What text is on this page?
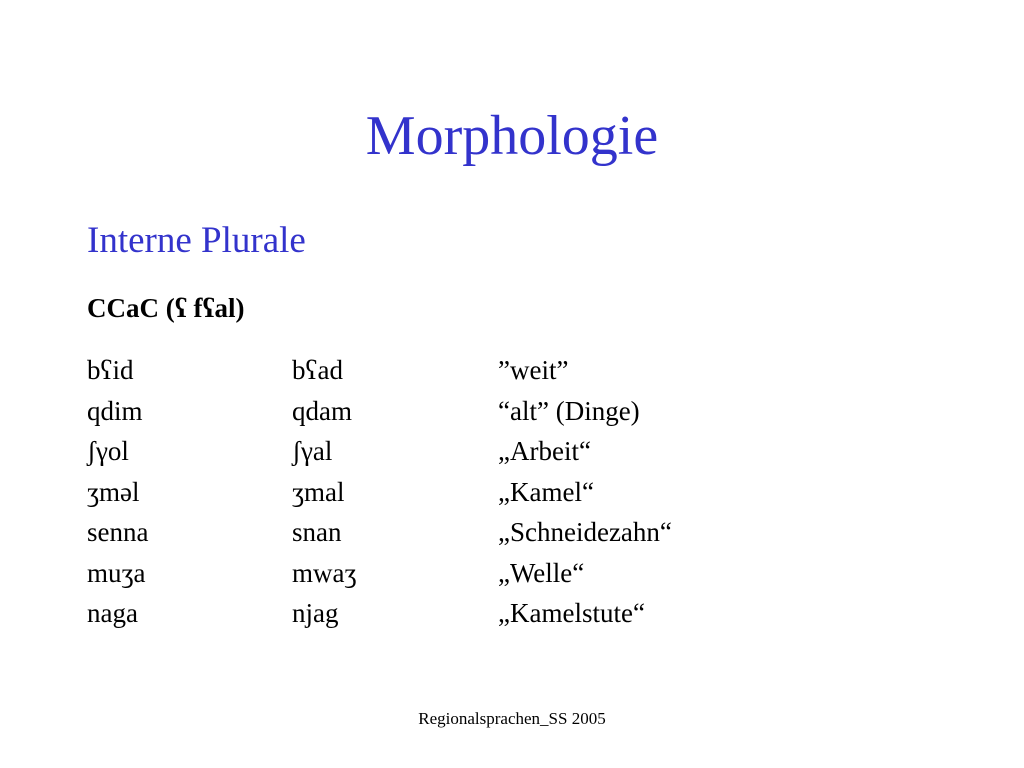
Morphologie
Interne Plurale
CCaC (ʕ fʕal)
bʕid	bʕad	”weit”
qdim	qdam	“alt” (Dinge)
ʃγol	ʃγal	„Arbeit“
ʒməl	ʒmal	„Kamel“
senna	snan	„Schneidezahn“
muʒa	mwaʒ	„Welle“
naga	njag	„Kamelstute“
Regionalsprachen_SS 2005
